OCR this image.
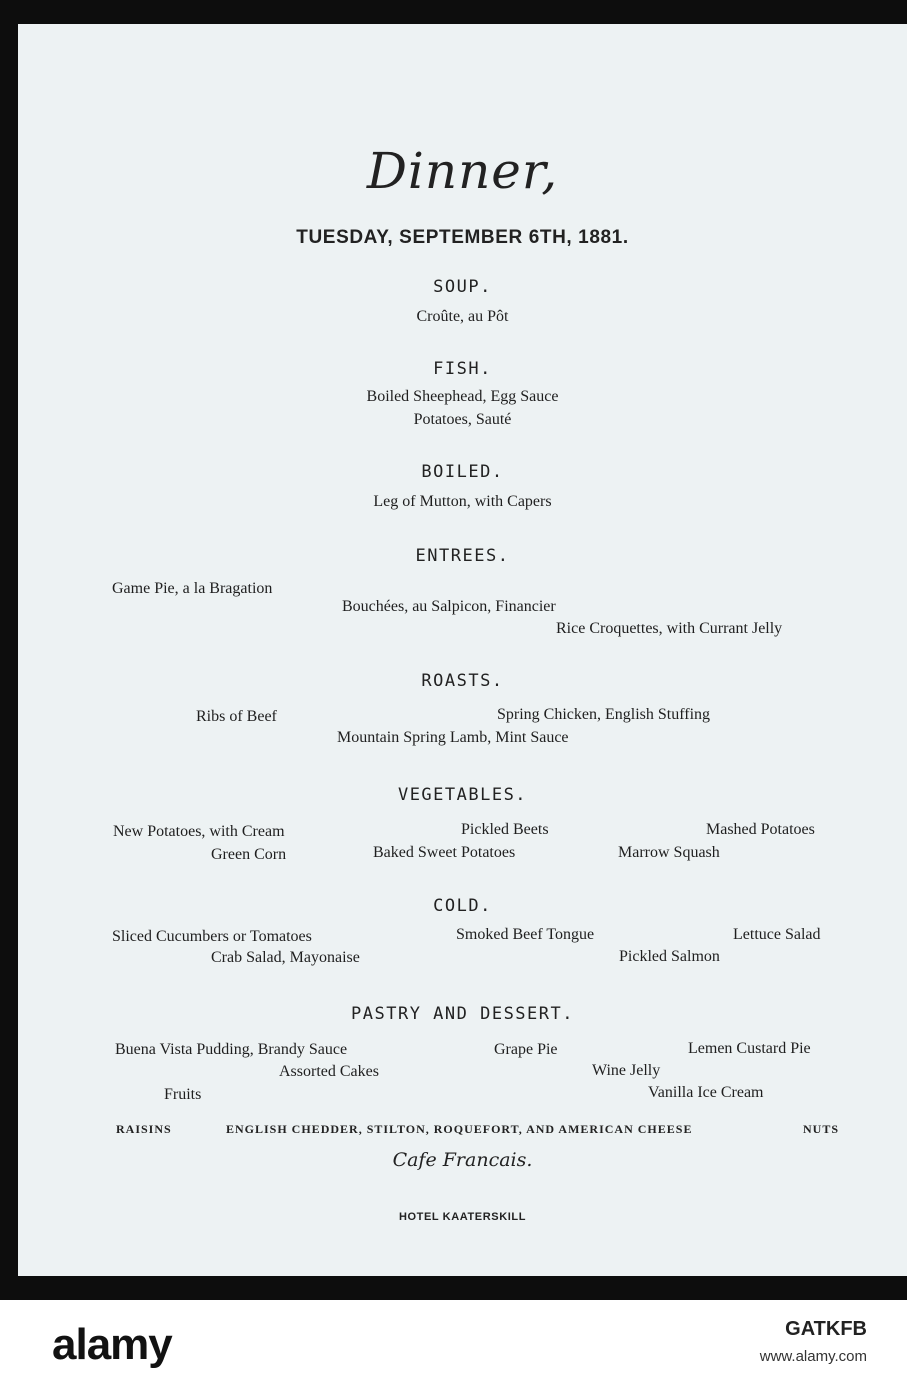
Dinner,
TUESDAY, SEPTEMBER 6TH, 1881.
SOUP.
Croûte, au Pôt
FISH.
Boiled Sheephead, Egg Sauce
Potatoes, Sauté
BOILED.
Leg of Mutton, with Capers
ENTREES.
Game Pie, a la Bragation
Bouchées, au Salpicon, Financier
Rice Croquettes, with Currant Jelly
ROASTS.
Ribs of Beef	Spring Chicken, English Stuffing
Mountain Spring Lamb, Mint Sauce
VEGETABLES.
New Potatoes, with Cream	Pickled Beets	Mashed Potatoes
Green Corn	Baked Sweet Potatoes	Marrow Squash
COLD.
Sliced Cucumbers or Tomatoes	Smoked Beef Tongue	Lettuce Salad
Crab Salad, Mayonaise	Pickled Salmon
PASTRY AND DESSERT.
Buena Vista Pudding, Brandy Sauce	Grape Pie	Lemen Custard Pie
Assorted Cakes	Wine Jelly
Fruits	Vanilla Ice Cream
RAISINS	ENGLISH CHEDDER, STILTON, ROQUEFORT, AND AMERICAN CHEESE	NUTS
Cafe Francais.
HOTEL KAATERSKILL
alamy	GATKFB
www.alamy.com
